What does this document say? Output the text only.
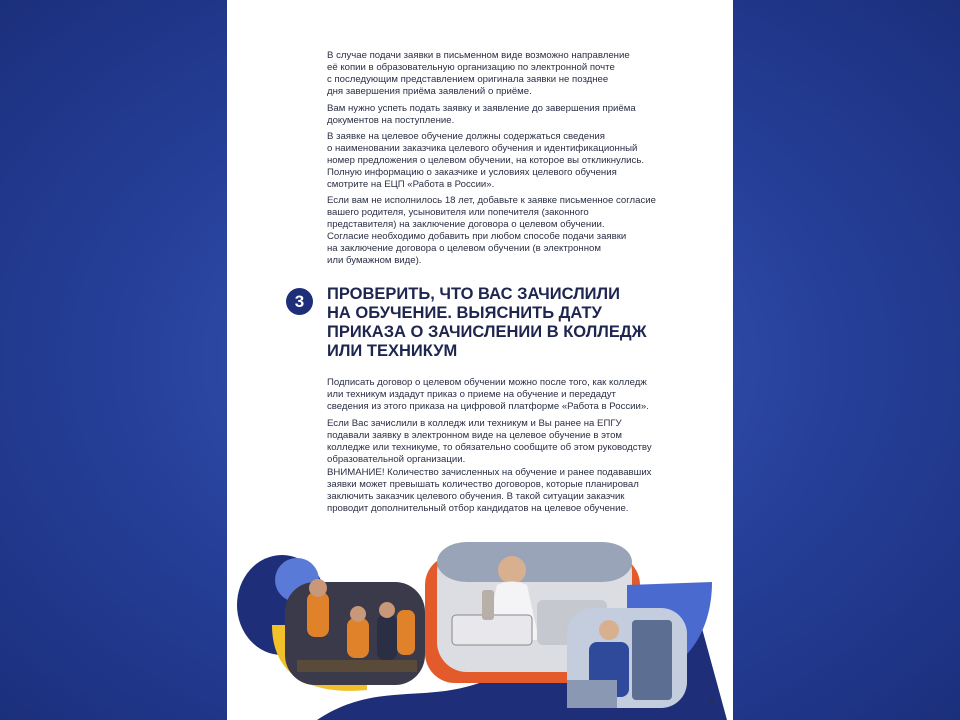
В случае подачи заявки в письменном виде возможно направление
её копии в образовательную организацию по электронной почте
с последующим представлением оригинала заявки не позднее
дня завершения приёма заявлений о приёме.

Вам нужно успеть подать заявку и заявление до завершения приёма
документов на поступление.

В заявке на целевое обучение должны содержаться сведения
о наименовании заказчика целевого обучения и идентификационный
номер предложения о целевом обучении, на которое вы откликнулись.
Полную информацию о заказчике и условиях целевого обучения
смотрите на ЕЦП «Работа в России».

Если вам не исполнилось 18 лет, добавьте к заявке письменное согласие
вашего родителя, усыновителя или попечителя (законного
представителя) на заключение договора о целевом обучении.
Согласие необходимо добавить при любом способе подачи заявки
на заключение договора о целевом обучении (в электронном
или бумажном виде).

3	ПРОВЕРИТЬ, ЧТО ВАС ЗАЧИСЛИЛИ
НА ОБУЧЕНИЕ. ВЫЯСНИТЬ ДАТУ
ПРИКАЗА О ЗАЧИСЛЕНИИ В КОЛЛЕДЖ
ИЛИ ТЕХНИКУМ

Подписать договор о целевом обучении можно после того, как колледж
или техникум издадут приказ о приеме на обучение и передадут
сведения из этого приказа на цифровой платформе «Работа в России».

Если Вас зачислили в колледж или техникум и Вы ранее на ЕПГУ
подавали заявку в электронном виде на целевое обучение в этом
колледже или техникуме, то обязательно сообщите об этом руководству
образовательной организации.

ВНИМАНИЕ! Количество зачисленных на обучение и ранее подававших
заявки может превышать количество договоров, которые планировал
заключить заказчик целевого обучения. В такой ситуации заказчик
проводит дополнительный отбор кандидатов на целевое обучение.

3
